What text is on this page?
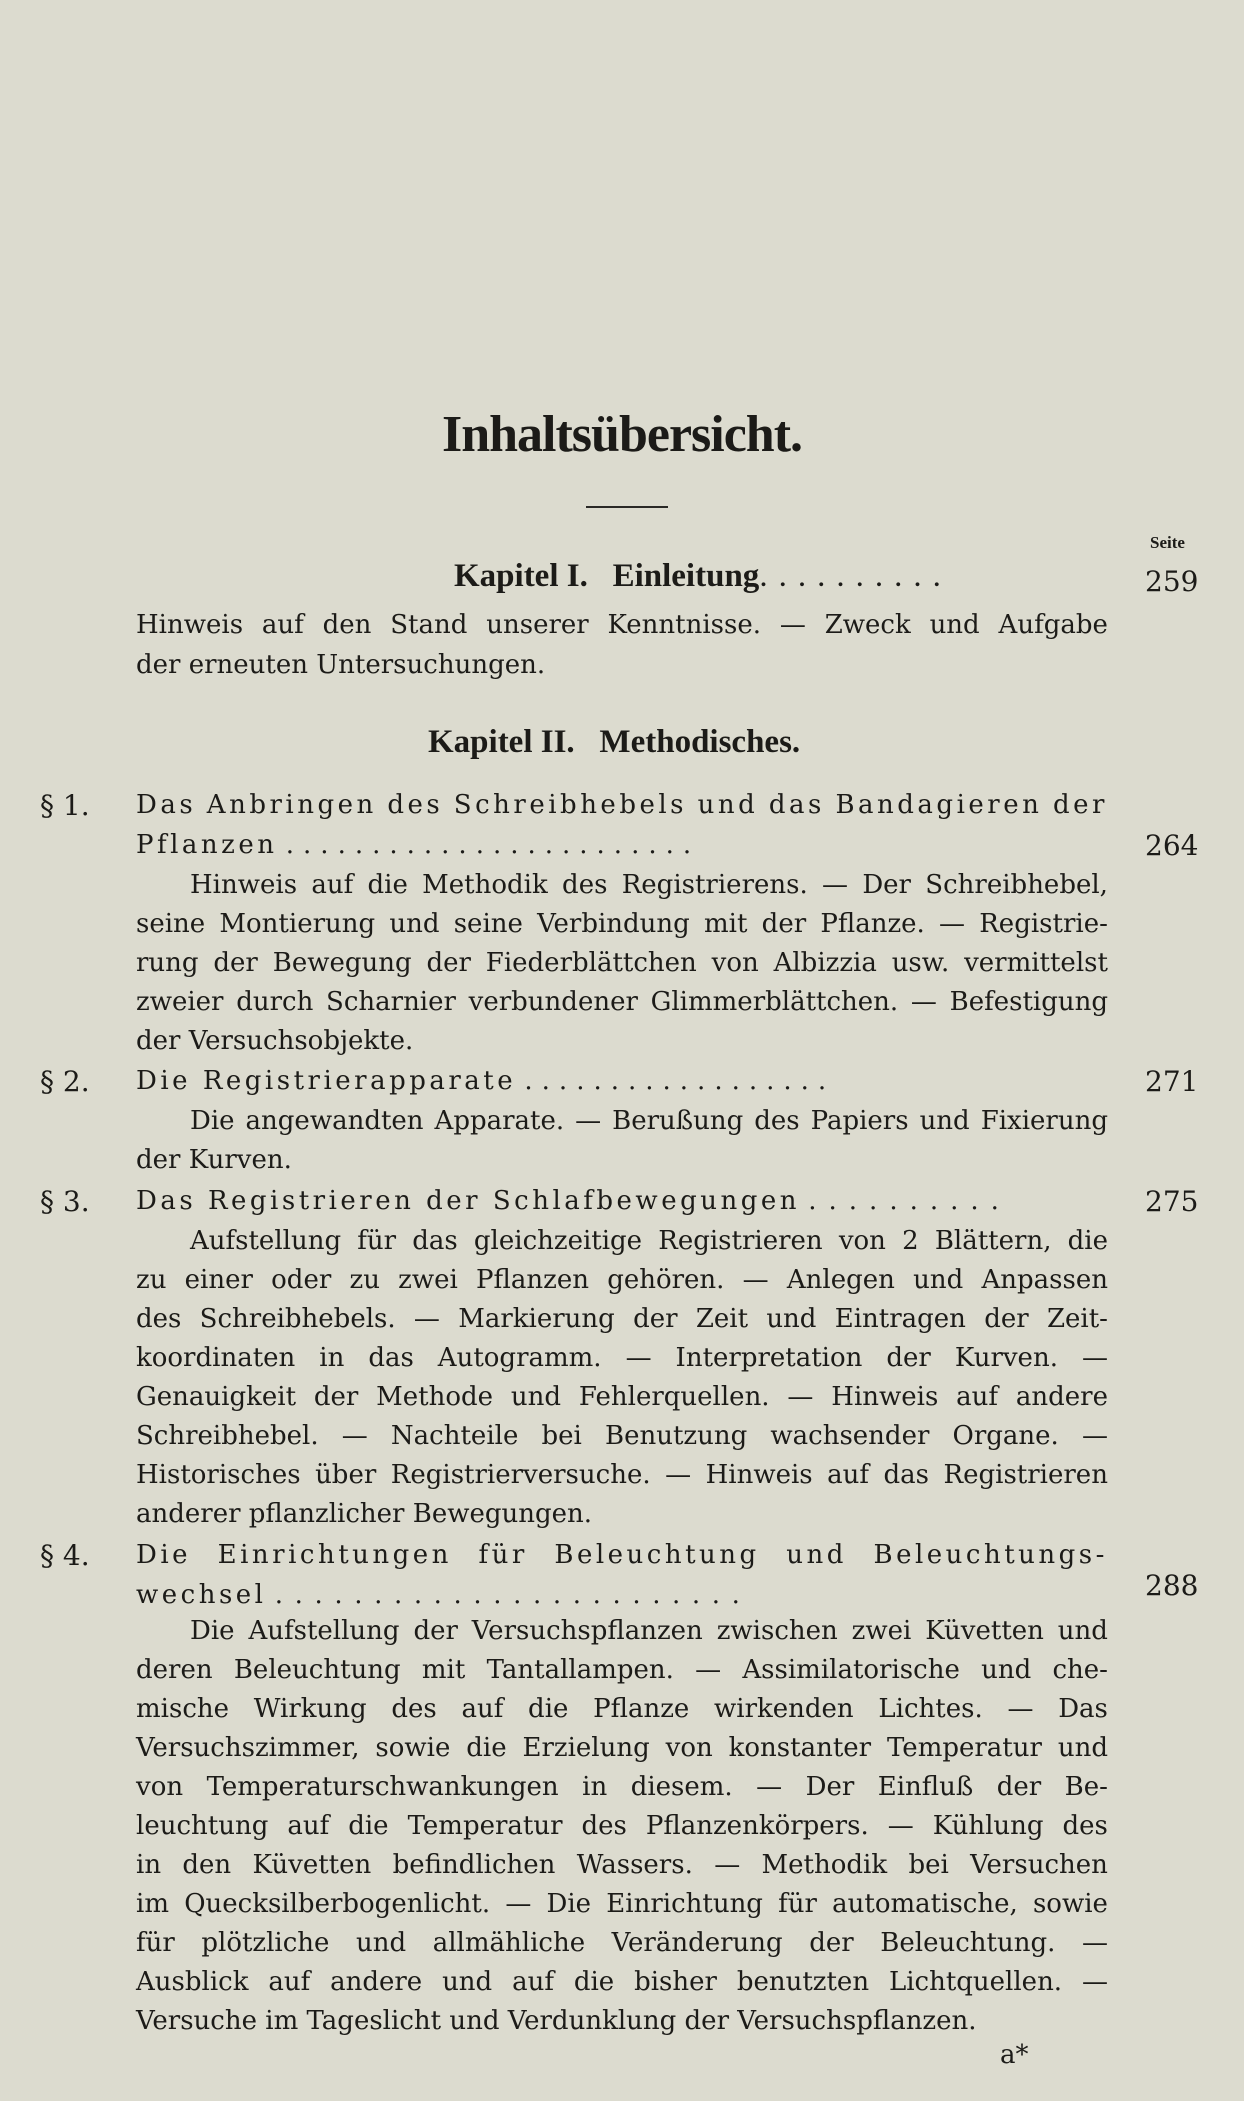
Inhaltsübersicht.
Seite
Kapitel I.   Einleitung..........	259
Hinweis auf den Stand unserer Kenntnisse. — Zweck und Aufgabe
der erneuten Untersuchungen.
Kapitel II.   Methodisches.
§ 1. Das Anbringen des Schreibhebels und das Bandagieren der
Pflanzen ........................	264
Hinweis auf die Methodik des Registrierens. — Der Schreibhebel,
seine Montierung und seine Verbindung mit der Pflanze. — Registrie-
rung der Bewegung der Fiederblättchen von Albizzia usw. vermittelst
zweier durch Scharnier verbundener Glimmerblättchen. — Befestigung
der Versuchsobjekte.
§ 2. Die Registrierapparate ..................	271
Die angewandten Apparate. — Berußung des Papiers und Fixierung
der Kurven.
§ 3. Das Registrieren der Schlafbewegungen ..........	275
Aufstellung für das gleichzeitige Registrieren von 2 Blättern, die
zu einer oder zu zwei Pflanzen gehören. — Anlegen und Anpassen
des Schreibhebels. — Markierung der Zeit und Eintragen der Zeit-
koordinaten in das Autogramm. — Interpretation der Kurven. —
Genauigkeit der Methode und Fehlerquellen. — Hinweis auf andere
Schreibhebel. — Nachteile bei Benutzung wachsender Organe. —
Historisches über Registrierversuche. — Hinweis auf das Registrieren
anderer pflanzlicher Bewegungen.
§ 4. Die Einrichtungen für Beleuchtung und Beleuchtungs-
wechsel ........................	288
Die Aufstellung der Versuchspflanzen zwischen zwei Küvetten und
deren Beleuchtung mit Tantallampen. — Assimilatorische und che-
mische Wirkung des auf die Pflanze wirkenden Lichtes. — Das
Versuchszimmer, sowie die Erzielung von konstanter Temperatur und
von Temperaturschwankungen in diesem. — Der Einfluß der Be-
leuchtung auf die Temperatur des Pflanzenkörpers. — Kühlung des
in den Küvetten befindlichen Wassers. — Methodik bei Versuchen
im Quecksilberbogenlicht. — Die Einrichtung für automatische, sowie
für plötzliche und allmähliche Veränderung der Beleuchtung. —
Ausblick auf andere und auf die bisher benutzten Lichtquellen. —
Versuche im Tageslicht und Verdunklung der Versuchspflanzen.
a*
